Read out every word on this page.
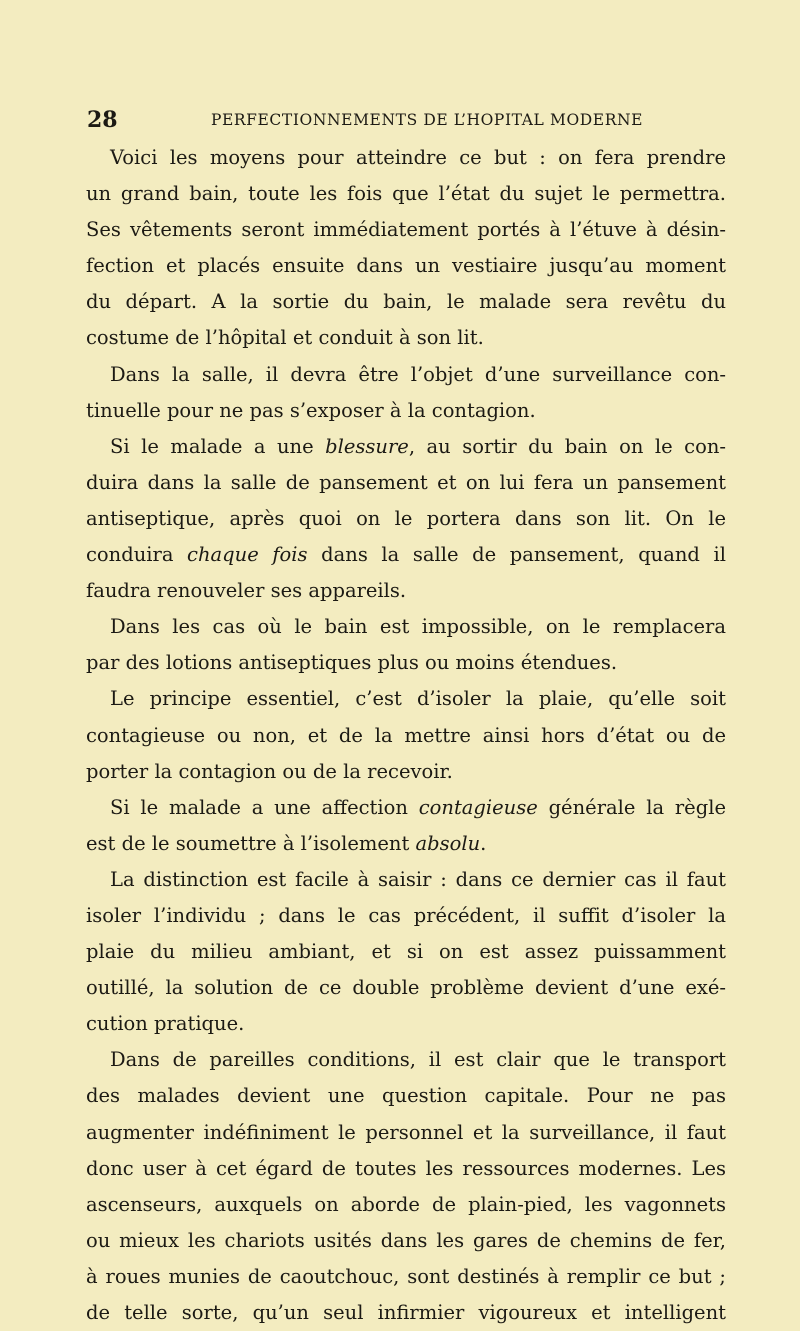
28	PERFECTIONNEMENTS DE L’HOPITAL MODERNE

Voici les moyens pour atteindre ce but : on fera prendre
un grand bain, toute les fois que l’état du sujet le permettra.
Ses vêtements seront immédiatement portés à l’étuve à désin-
fection et placés ensuite dans un vestiaire jusqu’au moment
du départ. A la sortie du bain, le malade sera revêtu du
costume de l’hôpital et conduit à son lit.

Dans la salle, il devra être l’objet d’une surveillance con-
tinuelle pour ne pas s’exposer à la contagion.

Si le malade a une blessure, au sortir du bain on le con-
duira dans la salle de pansement et on lui fera un pansement
antiseptique, après quoi on le portera dans son lit. On le
conduira chaque fois dans la salle de pansement, quand il
faudra renouveler ses appareils.

Dans les cas où le bain est impossible, on le remplacera
par des lotions antiseptiques plus ou moins étendues.

Le principe essentiel, c’est d’isoler la plaie, qu’elle soit
contagieuse ou non, et de la mettre ainsi hors d’état ou de
porter la contagion ou de la recevoir.

Si le malade a une affection contagieuse générale la règle
est de le soumettre à l’isolement absolu.

La distinction est facile à saisir : dans ce dernier cas il faut
isoler l’individu ; dans le cas précédent, il suffit d’isoler la
plaie du milieu ambiant, et si on est assez puissamment
outillé, la solution de ce double problème devient d’une exé-
cution pratique.

Dans de pareilles conditions, il est clair que le transport
des malades devient une question capitale. Pour ne pas
augmenter indéfiniment le personnel et la surveillance, il faut
donc user à cet égard de toutes les ressources modernes. Les
ascenseurs, auxquels on aborde de plain-pied, les vagonnets
ou mieux les chariots usités dans les gares de chemins de fer,
à roues munies de caoutchouc, sont destinés à remplir ce but ;
de telle sorte, qu’un seul infirmier vigoureux et intelligent
